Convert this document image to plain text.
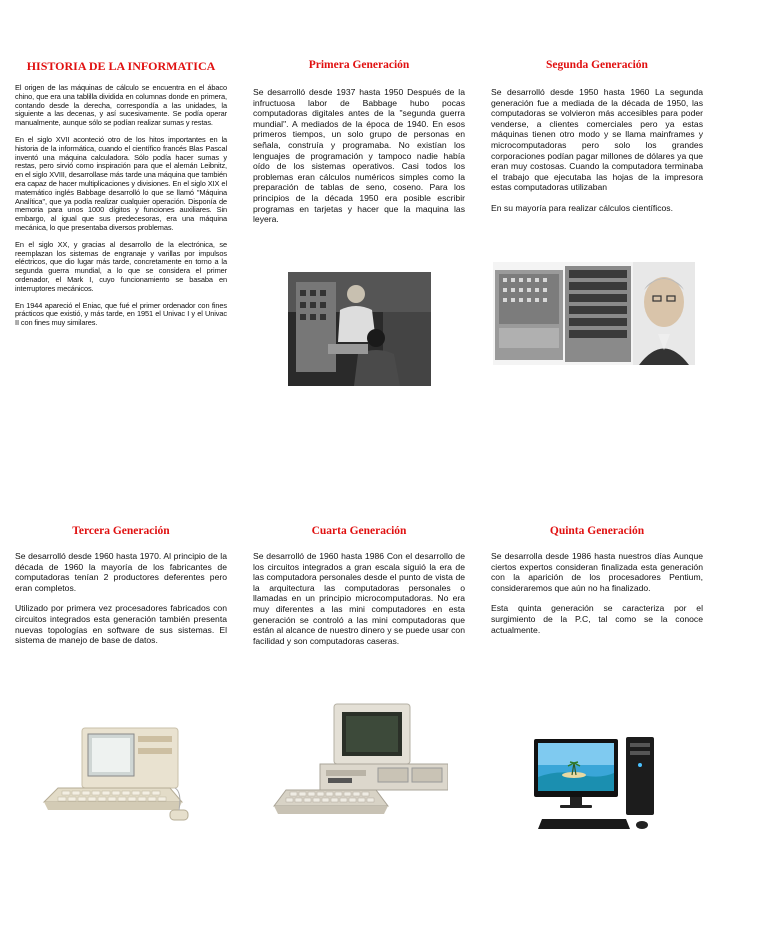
HISTORIA DE LA INFORMATICA

El origen de las máquinas de cálculo se encuentra en el ábaco chino, que era una tablilla dividida en columnas donde en primera, contando desde la derecha, correspondía a las unidades, la siguiente a las decenas, y así sucesivamente. Se podía operar manualmente, aunque sólo se podían realizar sumas y restas.

En el siglo XVII aconteció otro de los hitos importantes en la historia de la informática, cuando el científico francés Blas Pascal inventó una máquina calculadora. Sólo podía hacer sumas y restas, pero sirvió como inspiración para que el alemán Leibnitz, en el siglo XVIII, desarrollase más tarde una máquina que también era capaz de hacer multiplicaciones y divisiones. En el siglo XIX el matemático inglés Babbage desarrolló lo que se llamó "Máquina Analítica", que ya podía realizar cualquier operación. Disponía de memoria para unos 1000 dígitos y funciones auxiliares. Sin embargo, al igual que sus predecesoras, era una máquina mecánica, lo que presentaba diversos problemas.

En el siglo XX, y gracias al desarrollo de la electrónica, se reemplazan los sistemas de engranaje y varillas por impulsos eléctricos, que dio lugar más tarde, concretamente en torno a la segunda guerra mundial, a lo que se considera el primer ordenador, el Mark I, cuyo funcionamiento se basaba en interruptores mecánicos.

En 1944 apareció el Eniac, que fué el primer ordenador con fines prácticos que existió, y más tarde, en 1951 el Univac I y el Univac II con fines muy similares.

Primera Generación

Se desarrolló desde 1937 hasta 1950 Después de la infructuosa labor de Babbage hubo pocas computadoras digitales antes de la "segunda guerra mundial". A mediados de la época de 1940. En esos primeros tiempos, un solo grupo de personas en señala, construía y programaba. No existían los lenguajes de programación y tampoco nadie había oído de los sistemas operativos. Casi todos los problemas eran cálculos numéricos simples como la preparación de tablas de seno, coseno. Para los principios de la década 1950 era posible escribir programas en tarjetas y hacer que la maquina las leyera.

Segunda Generación

Se desarrolló desde 1950 hasta 1960 La segunda generación fue a mediada de la década de 1950, las computadoras se volvieron más accesibles para poder venderse, a clientes comerciales pero ya estas máquinas tienen otro modo y se llama mainframes y microcomputadoras pero solo los grandes corporaciones podían pagar millones de dólares ya que eran muy costosas. Cuando la computadora terminaba el trabajo que ejecutaba las hojas de la impresora estas computadoras utilizaban

En su mayoría para realizar cálculos científicos.

Tercera Generación

Se desarrolló desde 1960 hasta 1970. Al principio de la década de 1960 la mayoría de los fabricantes de computadoras tenían 2 productores deferentes pero eran completos.

Utilizado por primera vez procesadores fabricados con circuitos integrados esta generación también presenta nuevas topologías en software de sus sistemas. El sistema de manejo de base de datos.

Cuarta Generación

Se desarrolló de 1960 hasta 1986 Con el desarrollo de los circuitos integrados a gran escala siguió la era de las computadora personales desde el punto de vista de la arquitectura las computadoras personales o llamadas en un principio microcomputadoras. No era muy diferentes a las mini computadores en esta generación se controló a las mini computadoras que están al alcance de nuestro dinero y se puede usar con facilidad y son computadoras caseras.

Quinta Generación

Se desarrolla desde 1986 hasta nuestros días Aunque ciertos expertos consideran finalizada esta generación con la aparición de los procesadores Pentium, consideraremos que aún no ha finalizado.

Esta quinta generación se caracteriza por el surgimiento de la P.C, tal como se la conoce actualmente.
